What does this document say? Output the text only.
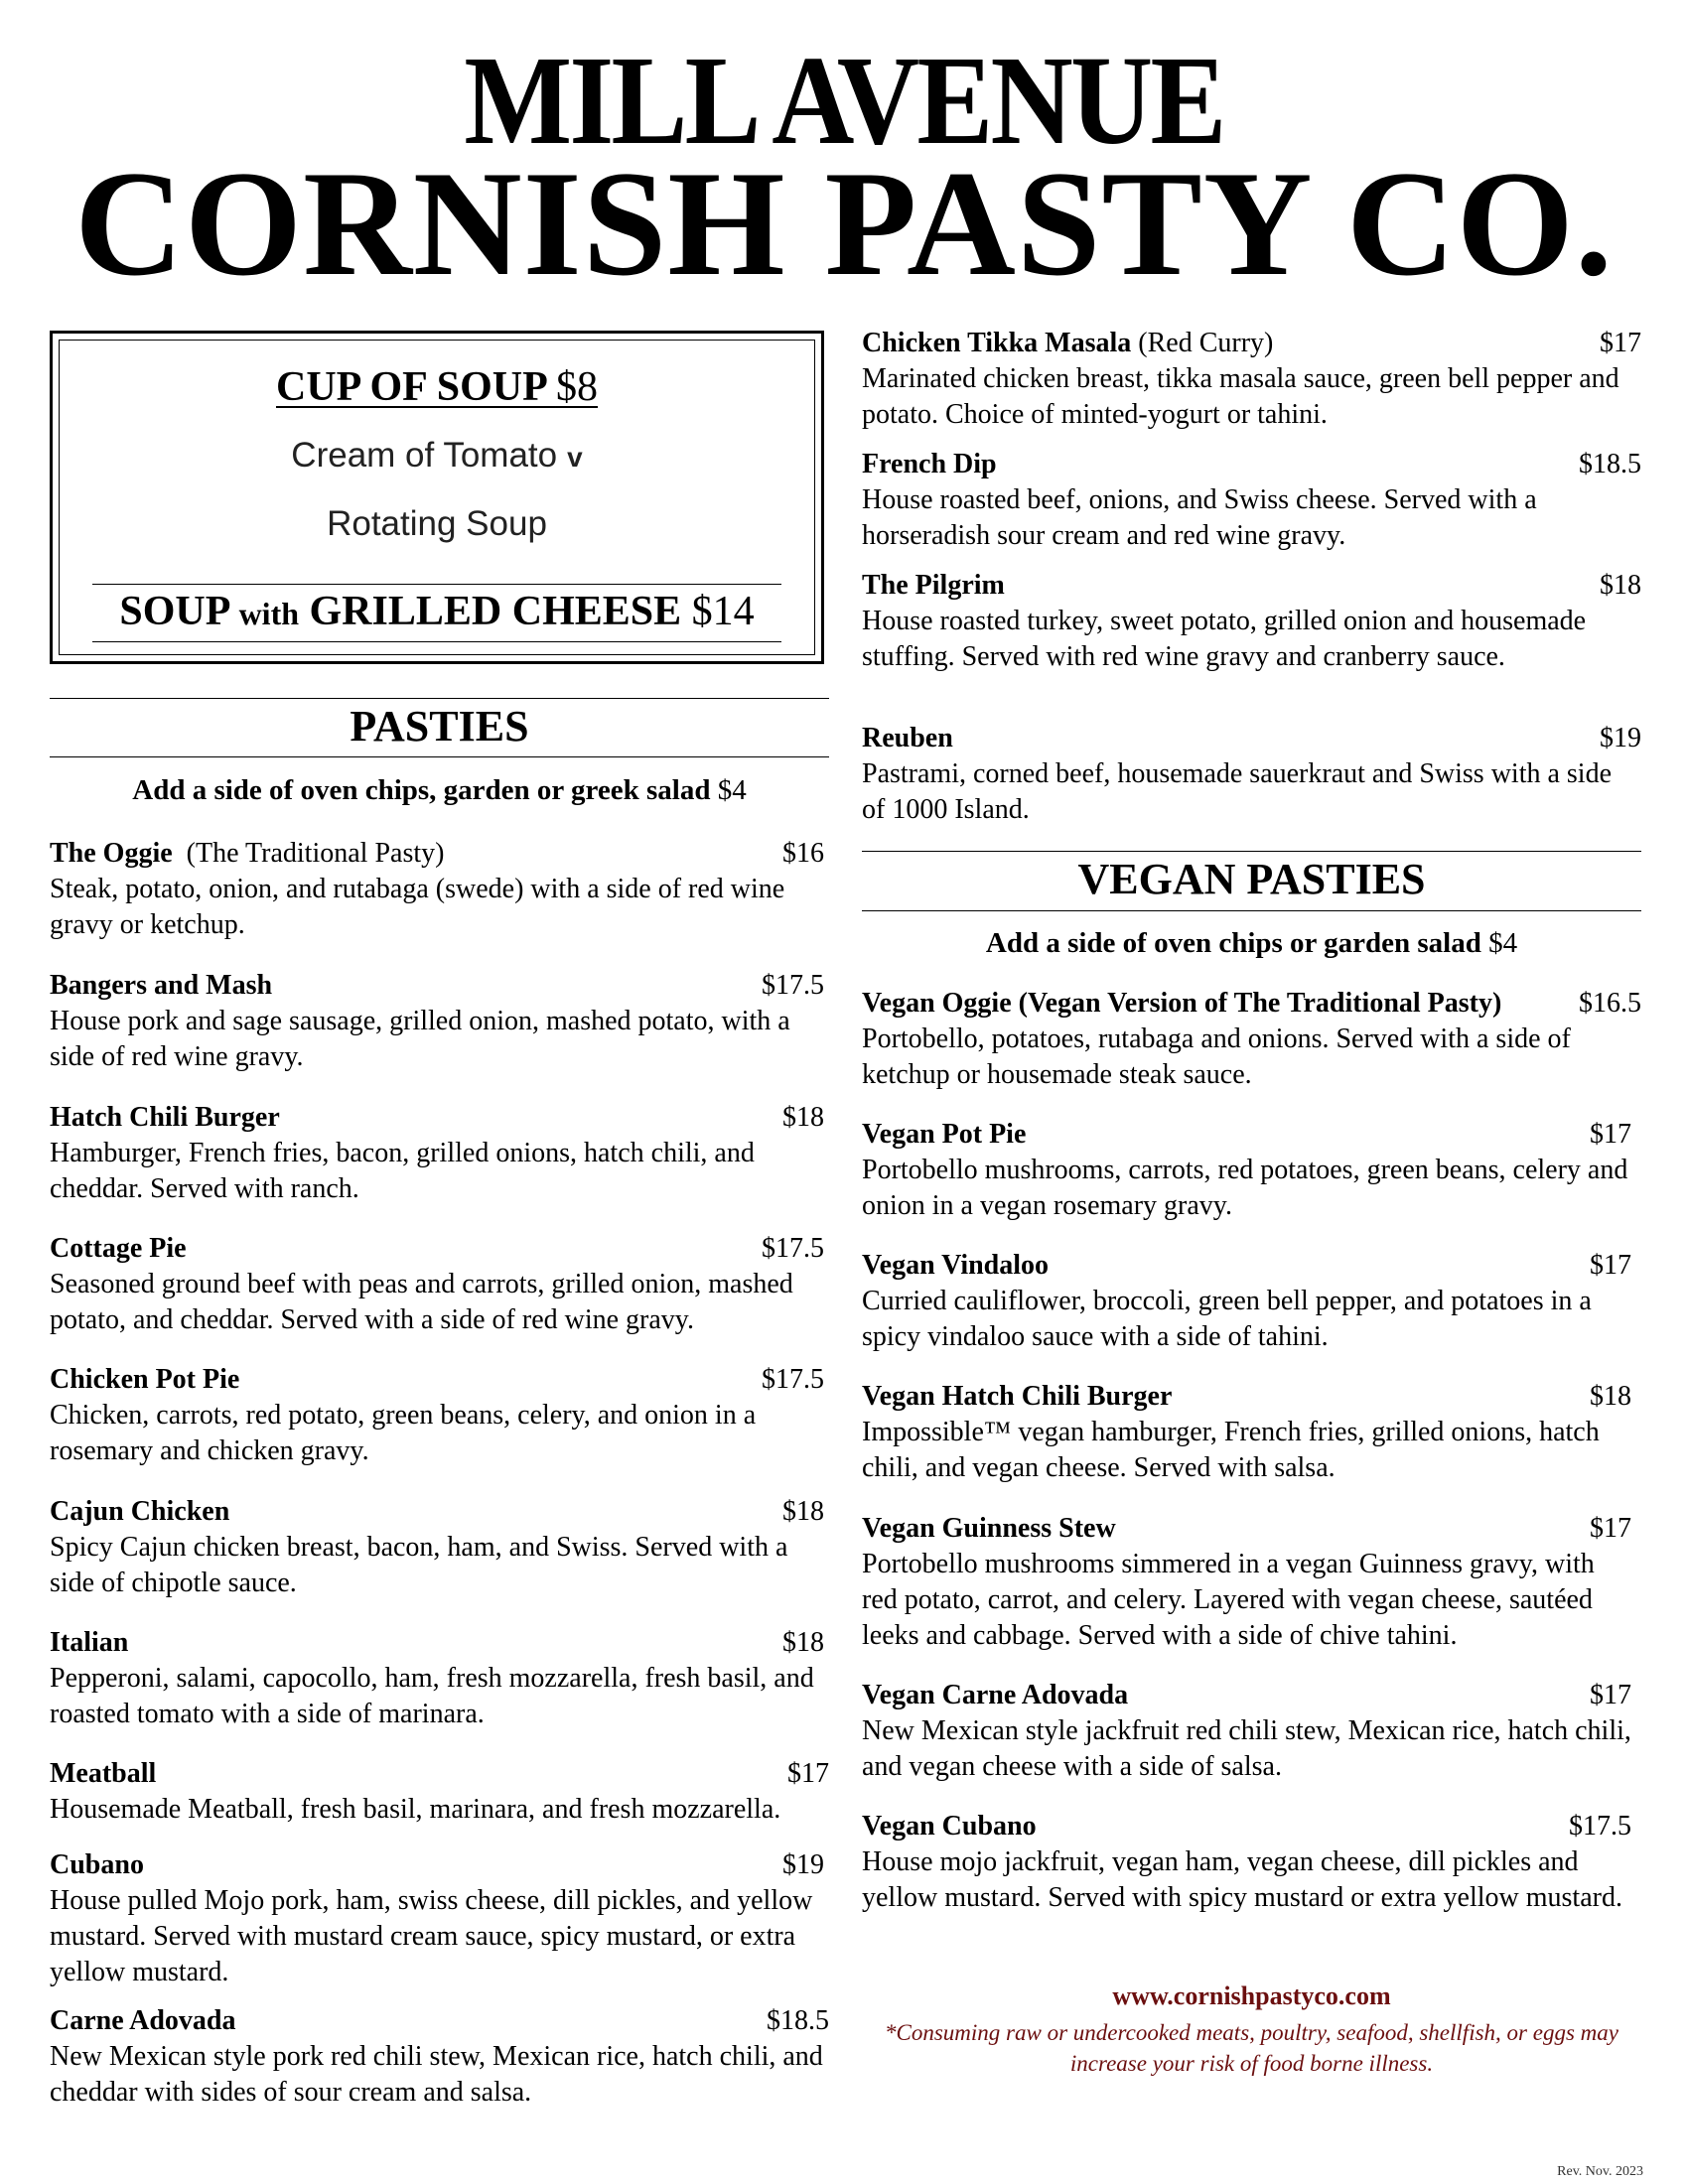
MILL AVENUE
CORNISH PASTY CO.
CUP OF SOUP $8
Cream of Tomato v
Rotating Soup
SOUP with GRILLED CHEESE $14
PASTIES
Add a side of oven chips, garden or greek salad $4
The Oggie  (The Traditional Pasty)	$16
Steak, potato, onion, and rutabaga (swede) with a side of red wine gravy or ketchup.
Bangers and Mash	$17.5
House pork and sage sausage, grilled onion, mashed potato, with a side of red wine gravy.
Hatch Chili Burger	$18
Hamburger, French fries, bacon, grilled onions, hatch chili, and cheddar. Served with ranch.
Cottage Pie	$17.5
Seasoned ground beef with peas and carrots, grilled onion, mashed potato, and cheddar. Served with a side of red wine gravy.
Chicken Pot Pie	$17.5
Chicken, carrots, red potato, green beans, celery, and onion in a rosemary and chicken gravy.
Cajun Chicken	$18
Spicy Cajun chicken breast, bacon, ham, and Swiss. Served with a side of chipotle sauce.
Italian	$18
Pepperoni, salami, capocollo, ham, fresh mozzarella, fresh basil, and roasted tomato with a side of marinara.
Meatball	$17
Housemade Meatball, fresh basil, marinara, and fresh mozzarella.
Cubano	$19
House pulled Mojo pork, ham, swiss cheese, dill pickles, and yellow mustard. Served with mustard cream sauce, spicy mustard, or extra yellow mustard.
Carne Adovada	$18.5
New Mexican style pork red chili stew, Mexican rice, hatch chili, and cheddar with sides of sour cream and salsa.
Chicken Tikka Masala (Red Curry)	$17
Marinated chicken breast, tikka masala sauce, green bell pepper and potato. Choice of minted-yogurt or tahini.
French Dip	$18.5
House roasted beef, onions, and Swiss cheese. Served with a horseradish sour cream and red wine gravy.
The Pilgrim	$18
House roasted turkey, sweet potato, grilled onion and housemade stuffing. Served with red wine gravy and cranberry sauce.
Reuben	$19
Pastrami, corned beef, housemade sauerkraut and Swiss with a side of 1000 Island.
VEGAN PASTIES
Add a side of oven chips or garden salad $4
Vegan Oggie (Vegan Version of The Traditional Pasty)	$16.5
Portobello, potatoes, rutabaga and onions. Served with a side of ketchup or housemade steak sauce.
Vegan Pot Pie	$17
Portobello mushrooms, carrots, red potatoes, green beans, celery and onion in a vegan rosemary gravy.
Vegan Vindaloo	$17
Curried cauliflower, broccoli, green bell pepper, and potatoes in a spicy vindaloo sauce with a side of tahini.
Vegan Hatch Chili Burger	$18
Impossible™ vegan hamburger, French fries, grilled onions, hatch chili, and vegan cheese. Served with salsa.
Vegan Guinness Stew	$17
Portobello mushrooms simmered in a vegan Guinness gravy, with red potato, carrot, and celery. Layered with vegan cheese, sautéed leeks and cabbage. Served with a side of chive tahini.
Vegan Carne Adovada	$17
New Mexican style jackfruit red chili stew, Mexican rice, hatch chili, and vegan cheese with a side of salsa.
Vegan Cubano	$17.5
House mojo jackfruit, vegan ham, vegan cheese, dill pickles and yellow mustard. Served with spicy mustard or extra yellow mustard.
www.cornishpastyco.com
*Consuming raw or undercooked meats, poultry, seafood, shellfish, or eggs may increase your risk of food borne illness.
Rev. Nov. 2023
